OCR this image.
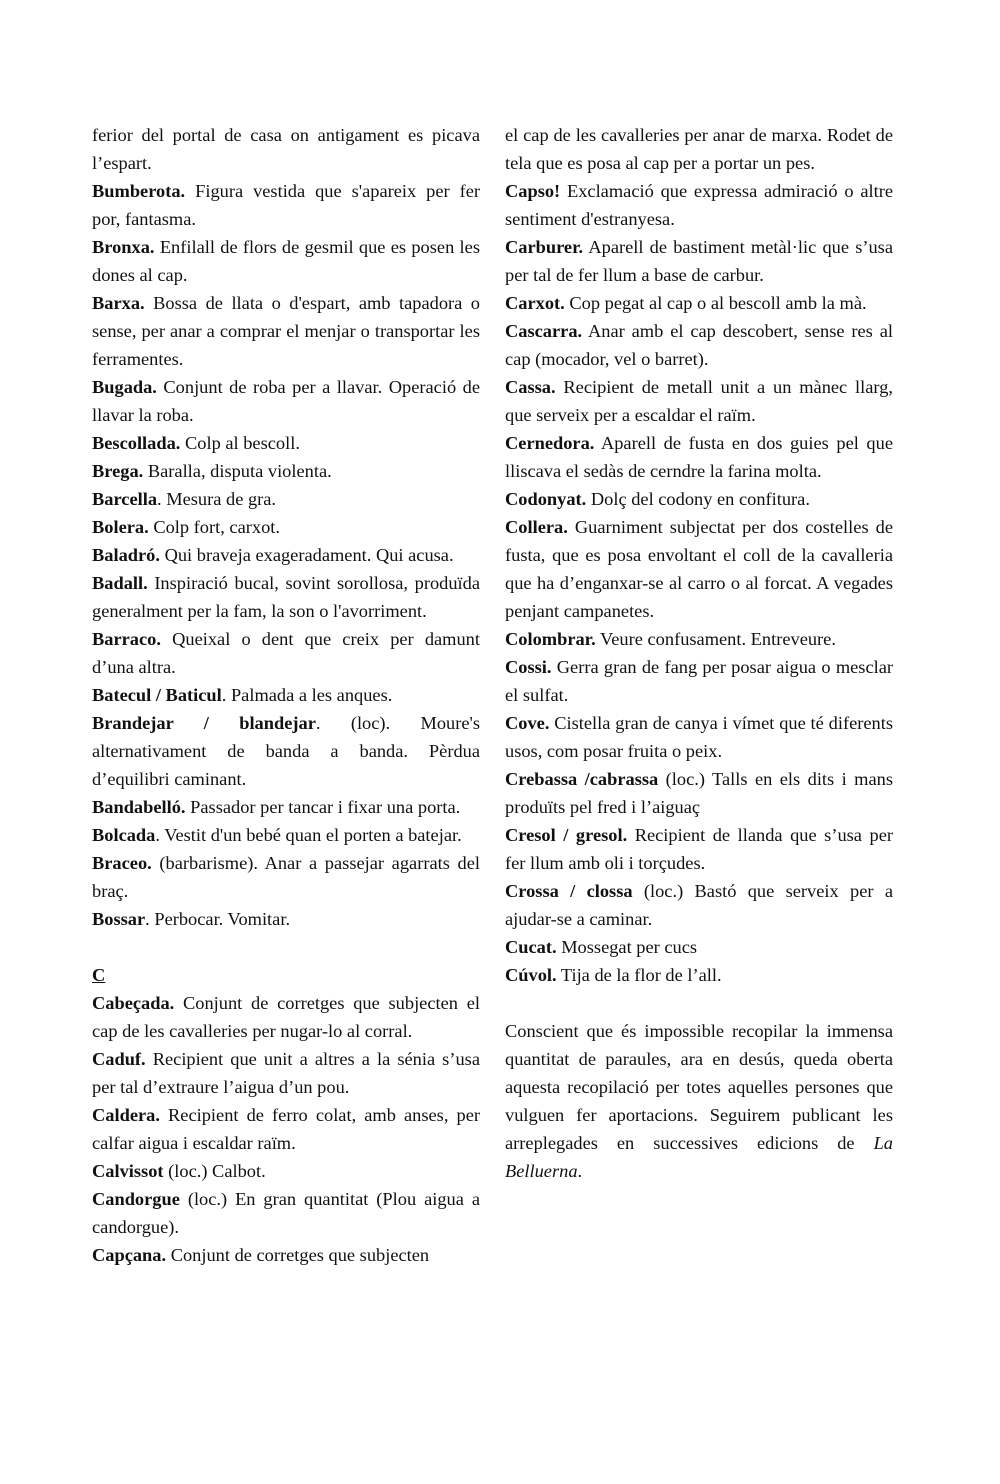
ferior del portal de casa on antigament es picava l’espart.

Bumberota. Figura vestida que s'apareix per fer por, fantasma.

Bronxa. Enfilall de flors de gesmil que es posen les dones al cap.

Barxa. Bossa de llata o d'espart, amb tapadora o sense, per anar a comprar el menjar o transportar les ferramentes.

Bugada. Conjunt de roba per a llavar. Operació de llavar la roba.

Bescollada. Colp al bescoll.

Brega. Baralla, disputa violenta.

Barcella. Mesura de gra.

Bolera. Colp fort, carxot.

Baladró. Qui braveja exageradament. Qui acusa.

Badall. Inspiració bucal, sovint sorollosa, produïda generalment per la fam, la son o l'avorriment.

Barraco. Queixal o dent que creix per damunt d’una altra.

Batecul / Baticul. Palmada a les anques.

Brandejar / blandejar. (loc). Moure's alternativament de banda a banda. Pèrdua d’equilibri caminant.

Bandabelló. Passador per tancar i fixar una porta.

Bolcada. Vestit d'un bebé quan el porten a batejar.

Braceo. (barbarisme). Anar a passejar agarrats del braç.

Bossar. Perbocar. Vomitar.

C

Cabeçada. Conjunt de corretges que subjecten el cap de les cavalleries per nugar-lo al corral.

Caduf. Recipient que unit a altres a la sénia s’usa per tal d’extraure l’aigua d’un pou.

Caldera. Recipient de ferro colat, amb anses, per calfar aigua i escaldar raïm.

Calvissot (loc.) Calbot.

Candorgue (loc.) En gran quantitat (Plou aigua a candorgue).

Capçana. Conjunt de corretges que subjecten

el cap de les cavalleries per anar de marxa. Rodet de tela que es posa al cap per a portar un pes.

Capso! Exclamació que expressa admiració o altre sentiment d'estranyesa.

Carburer. Aparell de bastiment metàl·lic que s’usa per tal de fer llum a base de carbur.

Carxot. Cop pegat al cap o al bescoll amb la mà.

Cascarra. Anar amb el cap descobert, sense res al cap (mocador, vel o barret).

Cassa. Recipient de metall unit a un mànec llarg, que serveix per a escaldar el raïm.

Cernedora. Aparell de fusta en dos guies pel que lliscava el sedàs de cerndre la farina molta.

Codonyat. Dolç del codony en confitura.

Collera. Guarniment subjectat per dos costelles de fusta, que es posa envoltant el coll de la cavalleria que ha d’enganxar-se al carro o al forcat. A vegades penjant campanetes.

Colombrar. Veure confusament. Entreveure.

Cossi. Gerra gran de fang per posar aigua o mesclar el sulfat.

Cove. Cistella gran de canya i vímet que té diferents usos, com posar fruita o peix.

Crebassa /cabrassa (loc.) Talls en els dits i mans produïts pel fred i l’aiguaç

Cresol / gresol. Recipient de llanda que s’usa per fer llum amb oli i torçudes.

Crossa / clossa (loc.) Bastó que serveix per a ajudar-se a caminar.

Cucat. Mossegat per cucs

Cúvol. Tija de la flor de l’all.

Conscient que és impossible recopilar la immensa quantitat de paraules, ara en desús, queda oberta aquesta recopilació per totes aquelles persones que vulguen fer aportacions. Seguirem publicant les arreplegades en successives edicions de La Belluerna.
